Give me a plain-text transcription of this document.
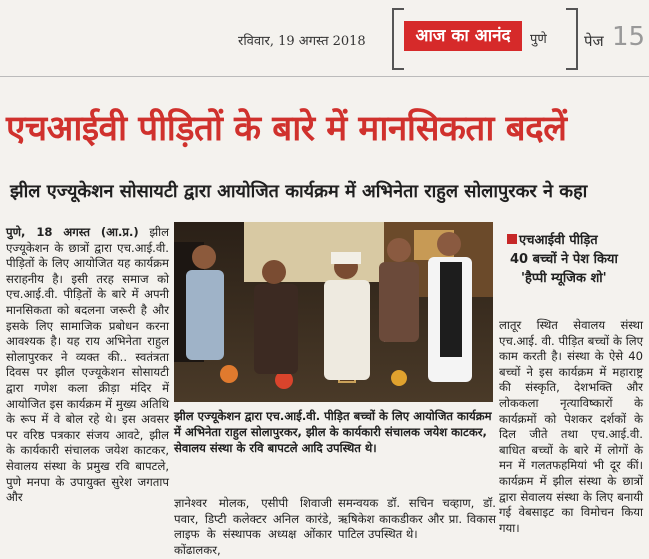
रविवार, 19 अगस्त 2018	आज का आनंद	पुणे पेज 15
एचआईवी पीड़ितों के बारे में मानसिकता बदलें
झील एज्यूकेशन सोसायटी द्वारा आयोजित कार्यक्रम में अभिनेता राहुल सोलापुरकर ने कहा
पुणे, 18 अगस्त (आ.प्र.) झील एज्यूकेशन के छात्रों द्वारा एच.आई.वी. पीड़ितों के लिए आयोजित यह कार्यक्रम सराहनीय है। इसी तरह समाज को एच.आई.वी. पीड़ितों के बारे में अपनी मानसिकता को बदलना जरूरी है और इसके लिए सामाजिक प्रबोधन करना आवश्यक है। यह राय अभिनेता राहुल सोलापुरकर ने व्यक्त की.. स्वतंत्रता दिवस पर झील एज्यूकेशन सोसायटी द्वारा गणेश कला क्रीड़ा मंदिर में आयोजित इस कार्यक्रम में मुख्य अतिथि के रूप में वे बोल रहे थे। इस अवसर पर वरिष्ठ पत्रकार संजय आवटे, झील के कार्यकारी संचालक जयेश काटकर, सेवालय संस्था के प्रमुख रवि बापटले, पुणे मनपा के उपायुक्त सुरेश जगताप और
झील एज्यूकेशन द्वारा एच.आई.वी. पीड़ित बच्चों के लिए आयोजित कार्यक्रम में अभिनेता राहुल सोलापुरकर, झील के कार्यकारी संचालक जयेश काटकर, सेवालय संस्था के रवि बापटले आदि उपस्थित थे।
ज्ञानेश्वर मोलक, एसीपी शिवाजी पवार, डिप्टी कलेक्टर अनिल कारंडे, लाइफ के संस्थापक अध्यक्ष ओंकार कोंढालकर,
समन्वयक डॉ. सचिन चव्हाण, डॉ. ऋषिकेश काकडीकर और प्रा. विकास पाटिल उपस्थित थे।
एचआईवी पीड़ित
40 बच्चों ने पेश किया
'हैप्पी म्यूजिक शो'
लातूर स्थित सेवालय संस्था एच.आई. वी. पीड़ित बच्चों के लिए काम करती है। संस्था के ऐसे 40 बच्चों ने इस कार्यक्रम में महाराष्ट्र की संस्कृति, देशभक्ति और लोककला नृत्याविष्कारों के कार्यक्रमों को पेशकर दर्शकों के दिल जीते तथा एच.आई.वी. बाधित बच्चों के बारे में लोगों के मन में गलतफहमियां भी दूर कीं। कार्यक्रम में झील संस्था के छात्रों द्वारा सेवालय संस्था के लिए बनायी गई वेबसाइट का विमोचन किया गया।
